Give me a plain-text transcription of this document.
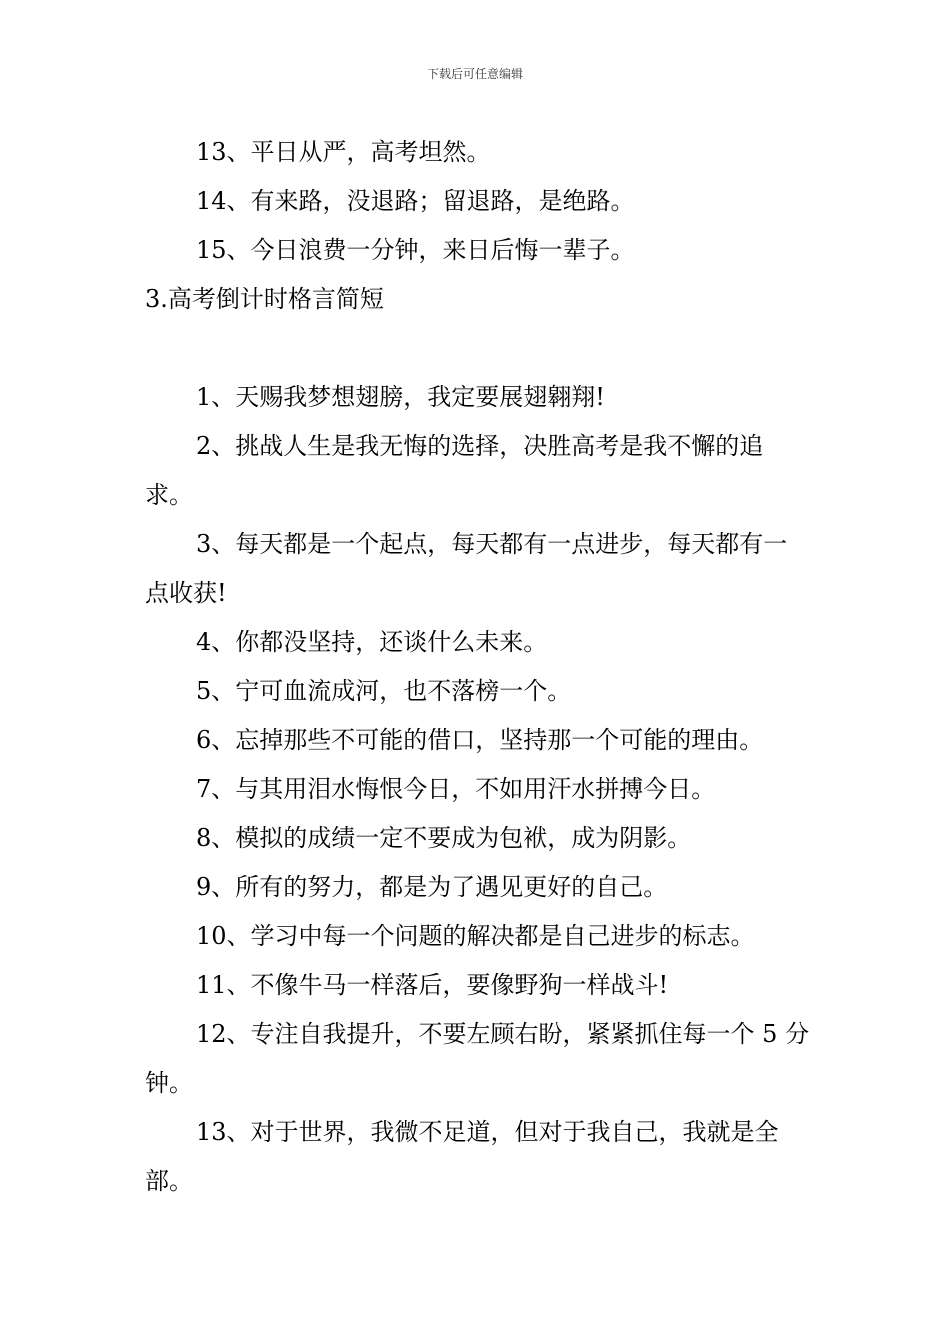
下载后可任意编辑

13、平日从严，高考坦然。

14、有来路，没退路；留退路，是绝路。

15、今日浪费一分钟，来日后悔一辈子。

3.高考倒计时格言简短

1、天赐我梦想翅膀，我定要展翅翱翔!

2、挑战人生是我无悔的选择，决胜高考是我不懈的追求。

3、每天都是一个起点，每天都有一点进步，每天都有一点收获!

4、你都没坚持，还谈什么未来。

5、宁可血流成河，也不落榜一个。

6、忘掉那些不可能的借口，坚持那一个可能的理由。

7、与其用泪水悔恨今日，不如用汗水拼搏今日。

8、模拟的成绩一定不要成为包袱，成为阴影。

9、所有的努力，都是为了遇见更好的自己。

10、学习中每一个问题的解决都是自己进步的标志。

11、不像牛马一样落后，要像野狗一样战斗!

12、专注自我提升，不要左顾右盼，紧紧抓住每一个 5 分钟。

13、对于世界，我微不足道，但对于我自己，我就是全部。
